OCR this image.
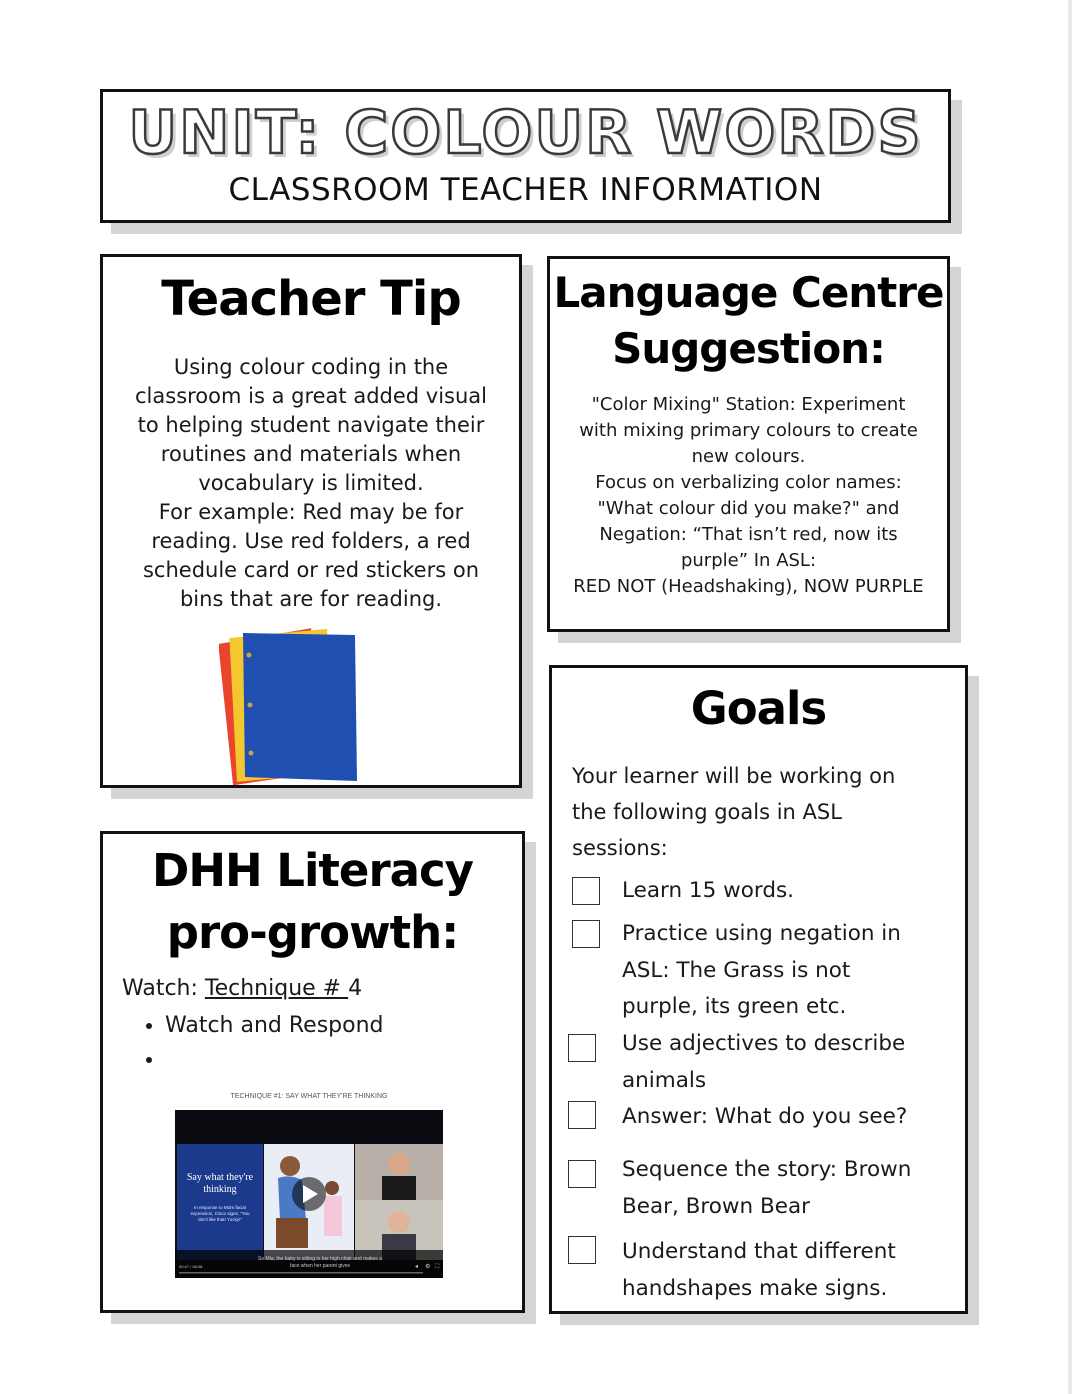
UNIT: COLOUR WORDS
CLASSROOM TEACHER INFORMATION
Teacher Tip
Using colour coding in the
classroom is a great added visual
to helping student navigate their
routines and materials when
vocabulary is limited.
For example: Red may be for
reading. Use red folders, a red
schedule card or red stickers on
bins that are for reading.
Language Centre
Suggestion:
"Color Mixing" Station: Experiment
with mixing primary colours to create
new colours.
Focus on verbalizing color names:
"What colour did you make?" and
Negation: “That isn’t red, now its
purple” In ASL:
RED NOT (Headshaking), NOW PURPLE
DHH Literacy
pro-growth:
Watch: Technique # 4
• Watch and Respond
•
TECHNIQUE #1: SAY WHAT THEY'RE THINKING
Say what they're
thinking
In response to Mia's facial
expression, Cisco signs, "You
don't like that! Yucky!"
So Mia, the baby is sitting in her high chair and makes a
face when her parent gives
00:47 / 06:08	◂ ⚙ ⛶
Goals
Your learner will be working on the following goals in ASL sessions:
Learn 15 words.
Practice using negation in
ASL: The Grass is not
purple, its green etc.
Use adjectives to describe
animals
Answer: What do you see?
Sequence the story: Brown
Bear, Brown Bear
Understand that different
handshapes make signs.
